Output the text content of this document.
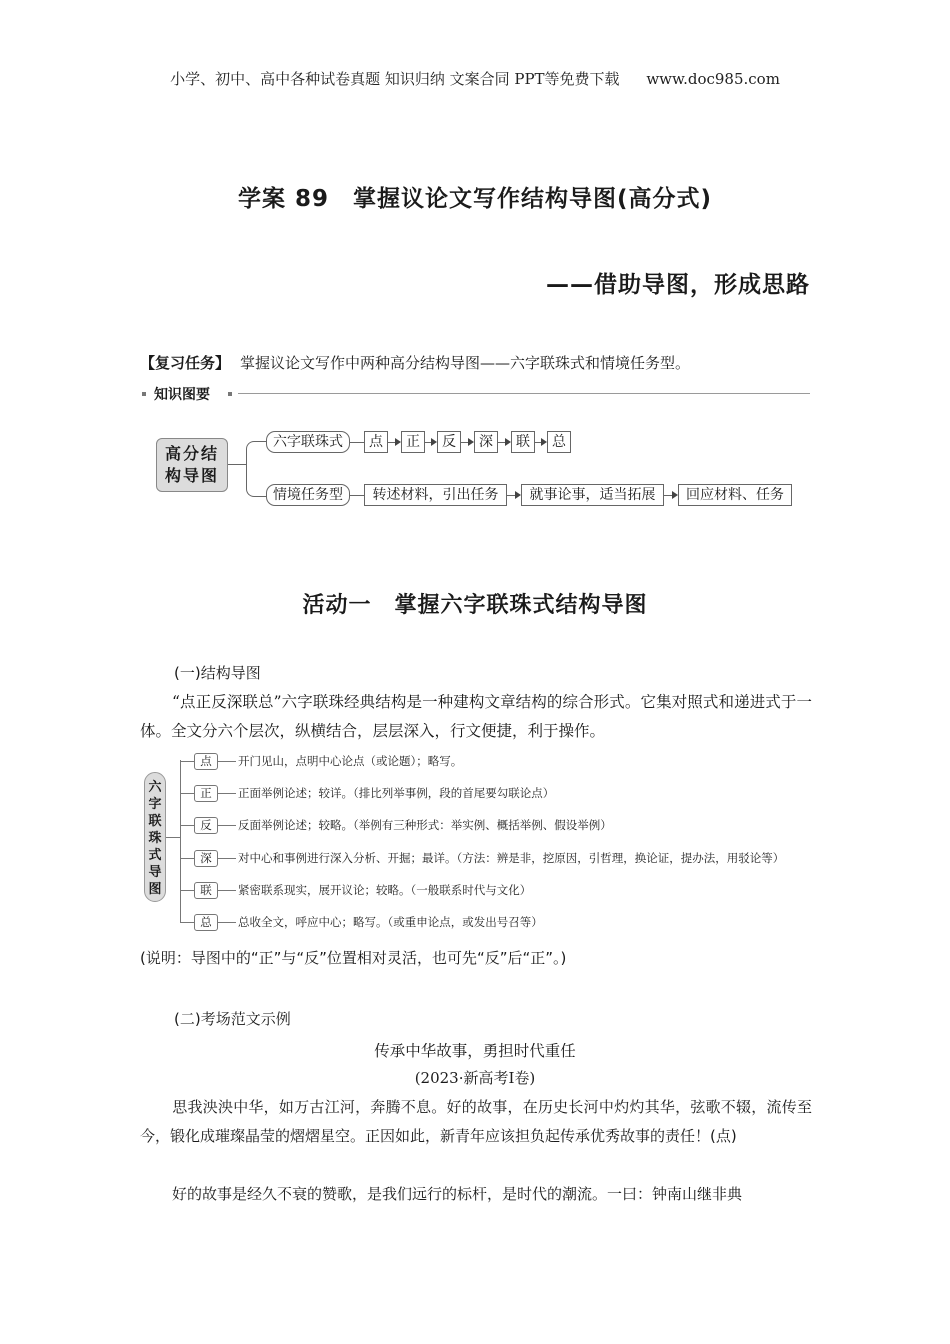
小学、初中、高中各种试卷真题 知识归纳 文案合同 PPT等免费下载 www.doc985.com
学案 89　掌握议论文写作结构导图(高分式)
——借助导图，形成思路
【复习任务】 掌握议论文写作中两种高分结构导图——六字联珠式和情境任务型。
知识图要
高分结构导图
六字联珠式	点	正	反	深	联	总
情境任务型	转述材料，引出任务	就事论事，适当拓展	回应材料、任务
活动一　掌握六字联珠式结构导图
(一)结构导图
“点正反深联总”六字联珠经典结构是一种建构文章结构的综合形式。它集对照式和递进式于一体。全文分六个层次，纵横结合，层层深入，行文便捷，利于操作。
六
字
联
珠
式
导
图
点	开门见山，点明中心论点（或论题）；略写。
正	正面举例论述；较详。（排比列举事例，段的首尾要勾联论点）
反	反面举例论述；较略。（举例有三种形式：举实例、概括举例、假设举例）
深	对中心和事例进行深入分析、开掘；最详。（方法：辨是非，挖原因，引哲理，换论证，提办法，用驳论等）
联	紧密联系现实，展开议论；较略。（一般联系时代与文化）
总	总收全文，呼应中心；略写。（或重申论点，或发出号召等）
(说明：导图中的“正”与“反”位置相对灵活，也可先“反”后“正”。)
(二)考场范文示例
传承中华故事，勇担时代重任
(2023·新高考Ⅰ卷)
思我泱泱中华，如万古江河，奔腾不息。好的故事，在历史长河中灼灼其华，弦歌不辍，流传至今，锻化成璀璨晶莹的熠熠星空。正因如此，新青年应该担负起传承优秀故事的责任！(点)
好的故事是经久不衰的赞歌，是我们远行的标杆，是时代的潮流。一曰：钟南山继非典
